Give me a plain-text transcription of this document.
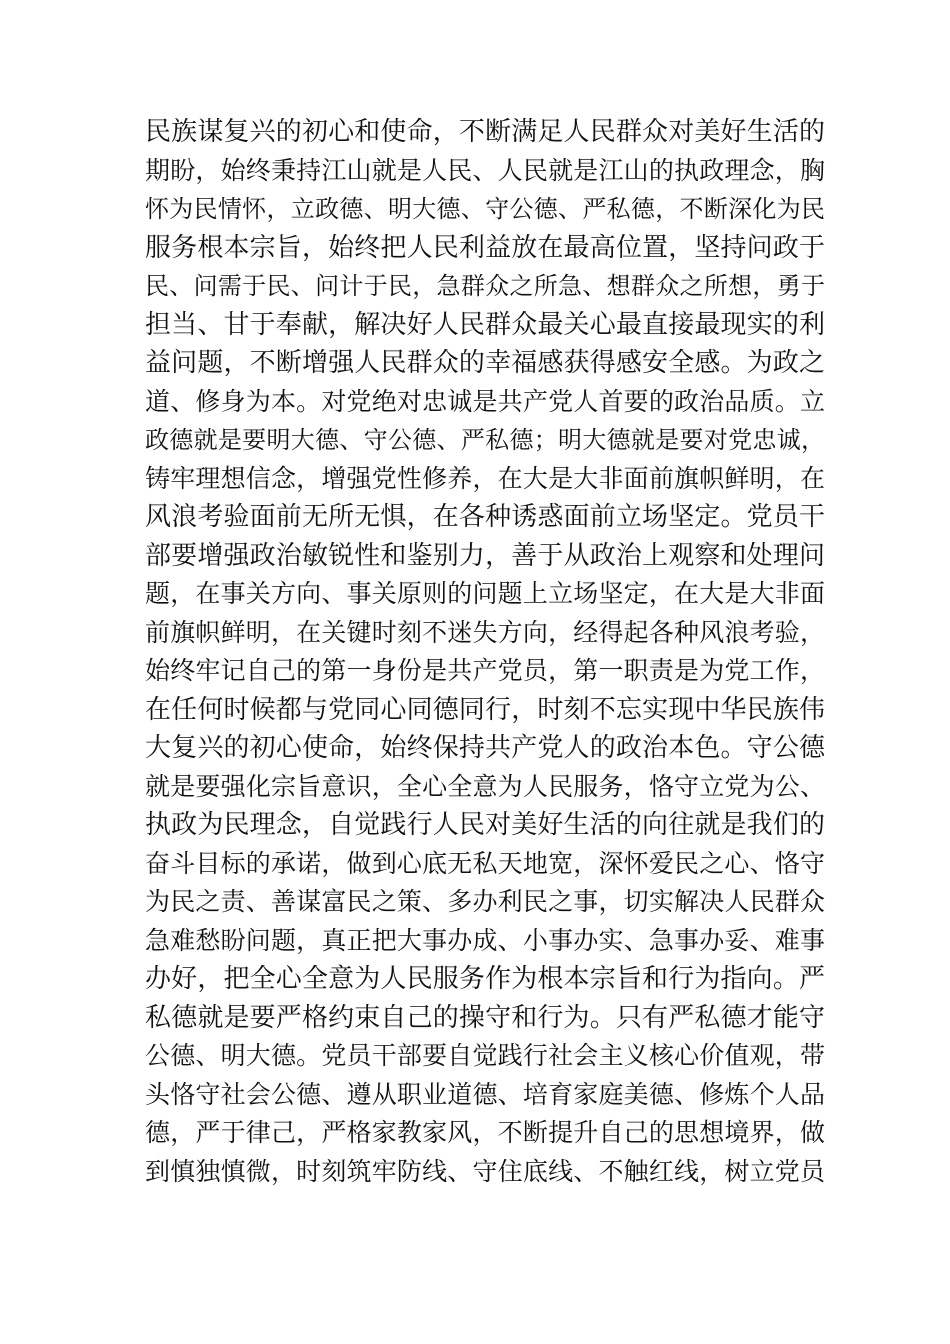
民族谋复兴的初心和使命，不断满足人民群众对美好生活的
期盼，始终秉持江山就是人民、人民就是江山的执政理念，胸
怀为民情怀，立政德、明大德、守公德、严私德，不断深化为民
服务根本宗旨，始终把人民利益放在最高位置，坚持问政于
民、问需于民、问计于民，急群众之所急、想群众之所想，勇于
担当、甘于奉献，解决好人民群众最关心最直接最现实的利
益问题，不断增强人民群众的幸福感获得感安全感。为政之
道、修身为本。对党绝对忠诚是共产党人首要的政治品质。立
政德就是要明大德、守公德、严私德；明大德就是要对党忠诚，
铸牢理想信念，增强党性修养，在大是大非面前旗帜鲜明，在
风浪考验面前无所无惧，在各种诱惑面前立场坚定。党员干
部要增强政治敏锐性和鉴别力，善于从政治上观察和处理问
题，在事关方向、事关原则的问题上立场坚定，在大是大非面
前旗帜鲜明，在关键时刻不迷失方向，经得起各种风浪考验，
始终牢记自己的第一身份是共产党员，第一职责是为党工作，
在任何时候都与党同心同德同行，时刻不忘实现中华民族伟
大复兴的初心使命，始终保持共产党人的政治本色。守公德
就是要强化宗旨意识，全心全意为人民服务，恪守立党为公、
执政为民理念，自觉践行人民对美好生活的向往就是我们的
奋斗目标的承诺，做到心底无私天地宽，深怀爱民之心、恪守
为民之责、善谋富民之策、多办利民之事，切实解决人民群众
急难愁盼问题，真正把大事办成、小事办实、急事办妥、难事
办好，把全心全意为人民服务作为根本宗旨和行为指向。严
私德就是要严格约束自己的操守和行为。只有严私德才能守
公德、明大德。党员干部要自觉践行社会主义核心价值观，带
头恪守社会公德、遵从职业道德、培育家庭美德、修炼个人品
德，严于律己，严格家教家风，不断提升自己的思想境界，做
到慎独慎微，时刻筑牢防线、守住底线、不触红线，树立党员
